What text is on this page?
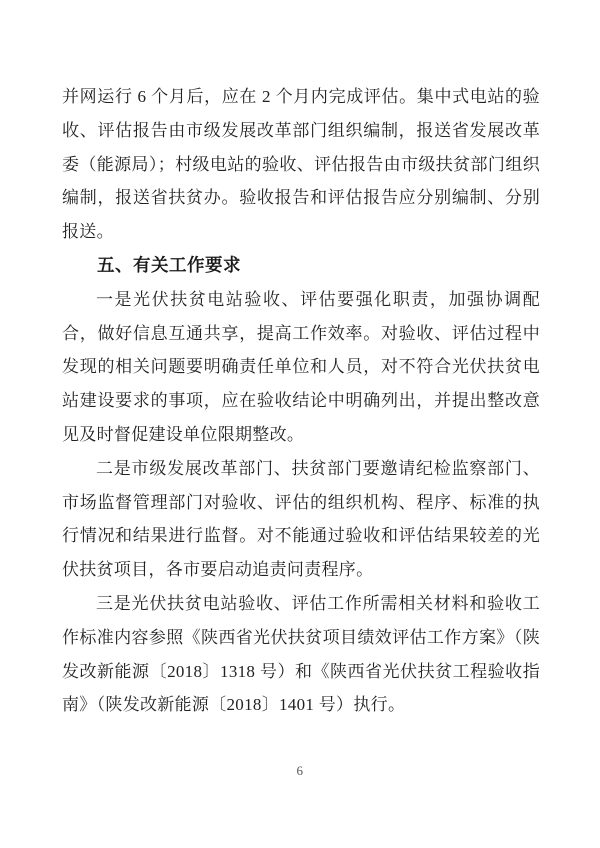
并网运行 6 个月后，应在 2 个月内完成评估。集中式电站的验收、评估报告由市级发展改革部门组织编制，报送省发展改革委（能源局）；村级电站的验收、评估报告由市级扶贫部门组织编制，报送省扶贫办。验收报告和评估报告应分别编制、分别报送。

五、有关工作要求

一是光伏扶贫电站验收、评估要强化职责，加强协调配合，做好信息互通共享，提高工作效率。对验收、评估过程中发现的相关问题要明确责任单位和人员，对不符合光伏扶贫电站建设要求的事项，应在验收结论中明确列出，并提出整改意见及时督促建设单位限期整改。

二是市级发展改革部门、扶贫部门要邀请纪检监察部门、市场监督管理部门对验收、评估的组织机构、程序、标准的执行情况和结果进行监督。对不能通过验收和评估结果较差的光伏扶贫项目，各市要启动追责问责程序。

三是光伏扶贫电站验收、评估工作所需相关材料和验收工作标准内容参照《陕西省光伏扶贫项目绩效评估工作方案》（陕发改新能源〔2018〕1318 号）和《陕西省光伏扶贫工程验收指南》（陕发改新能源〔2018〕1401 号）执行。

6
